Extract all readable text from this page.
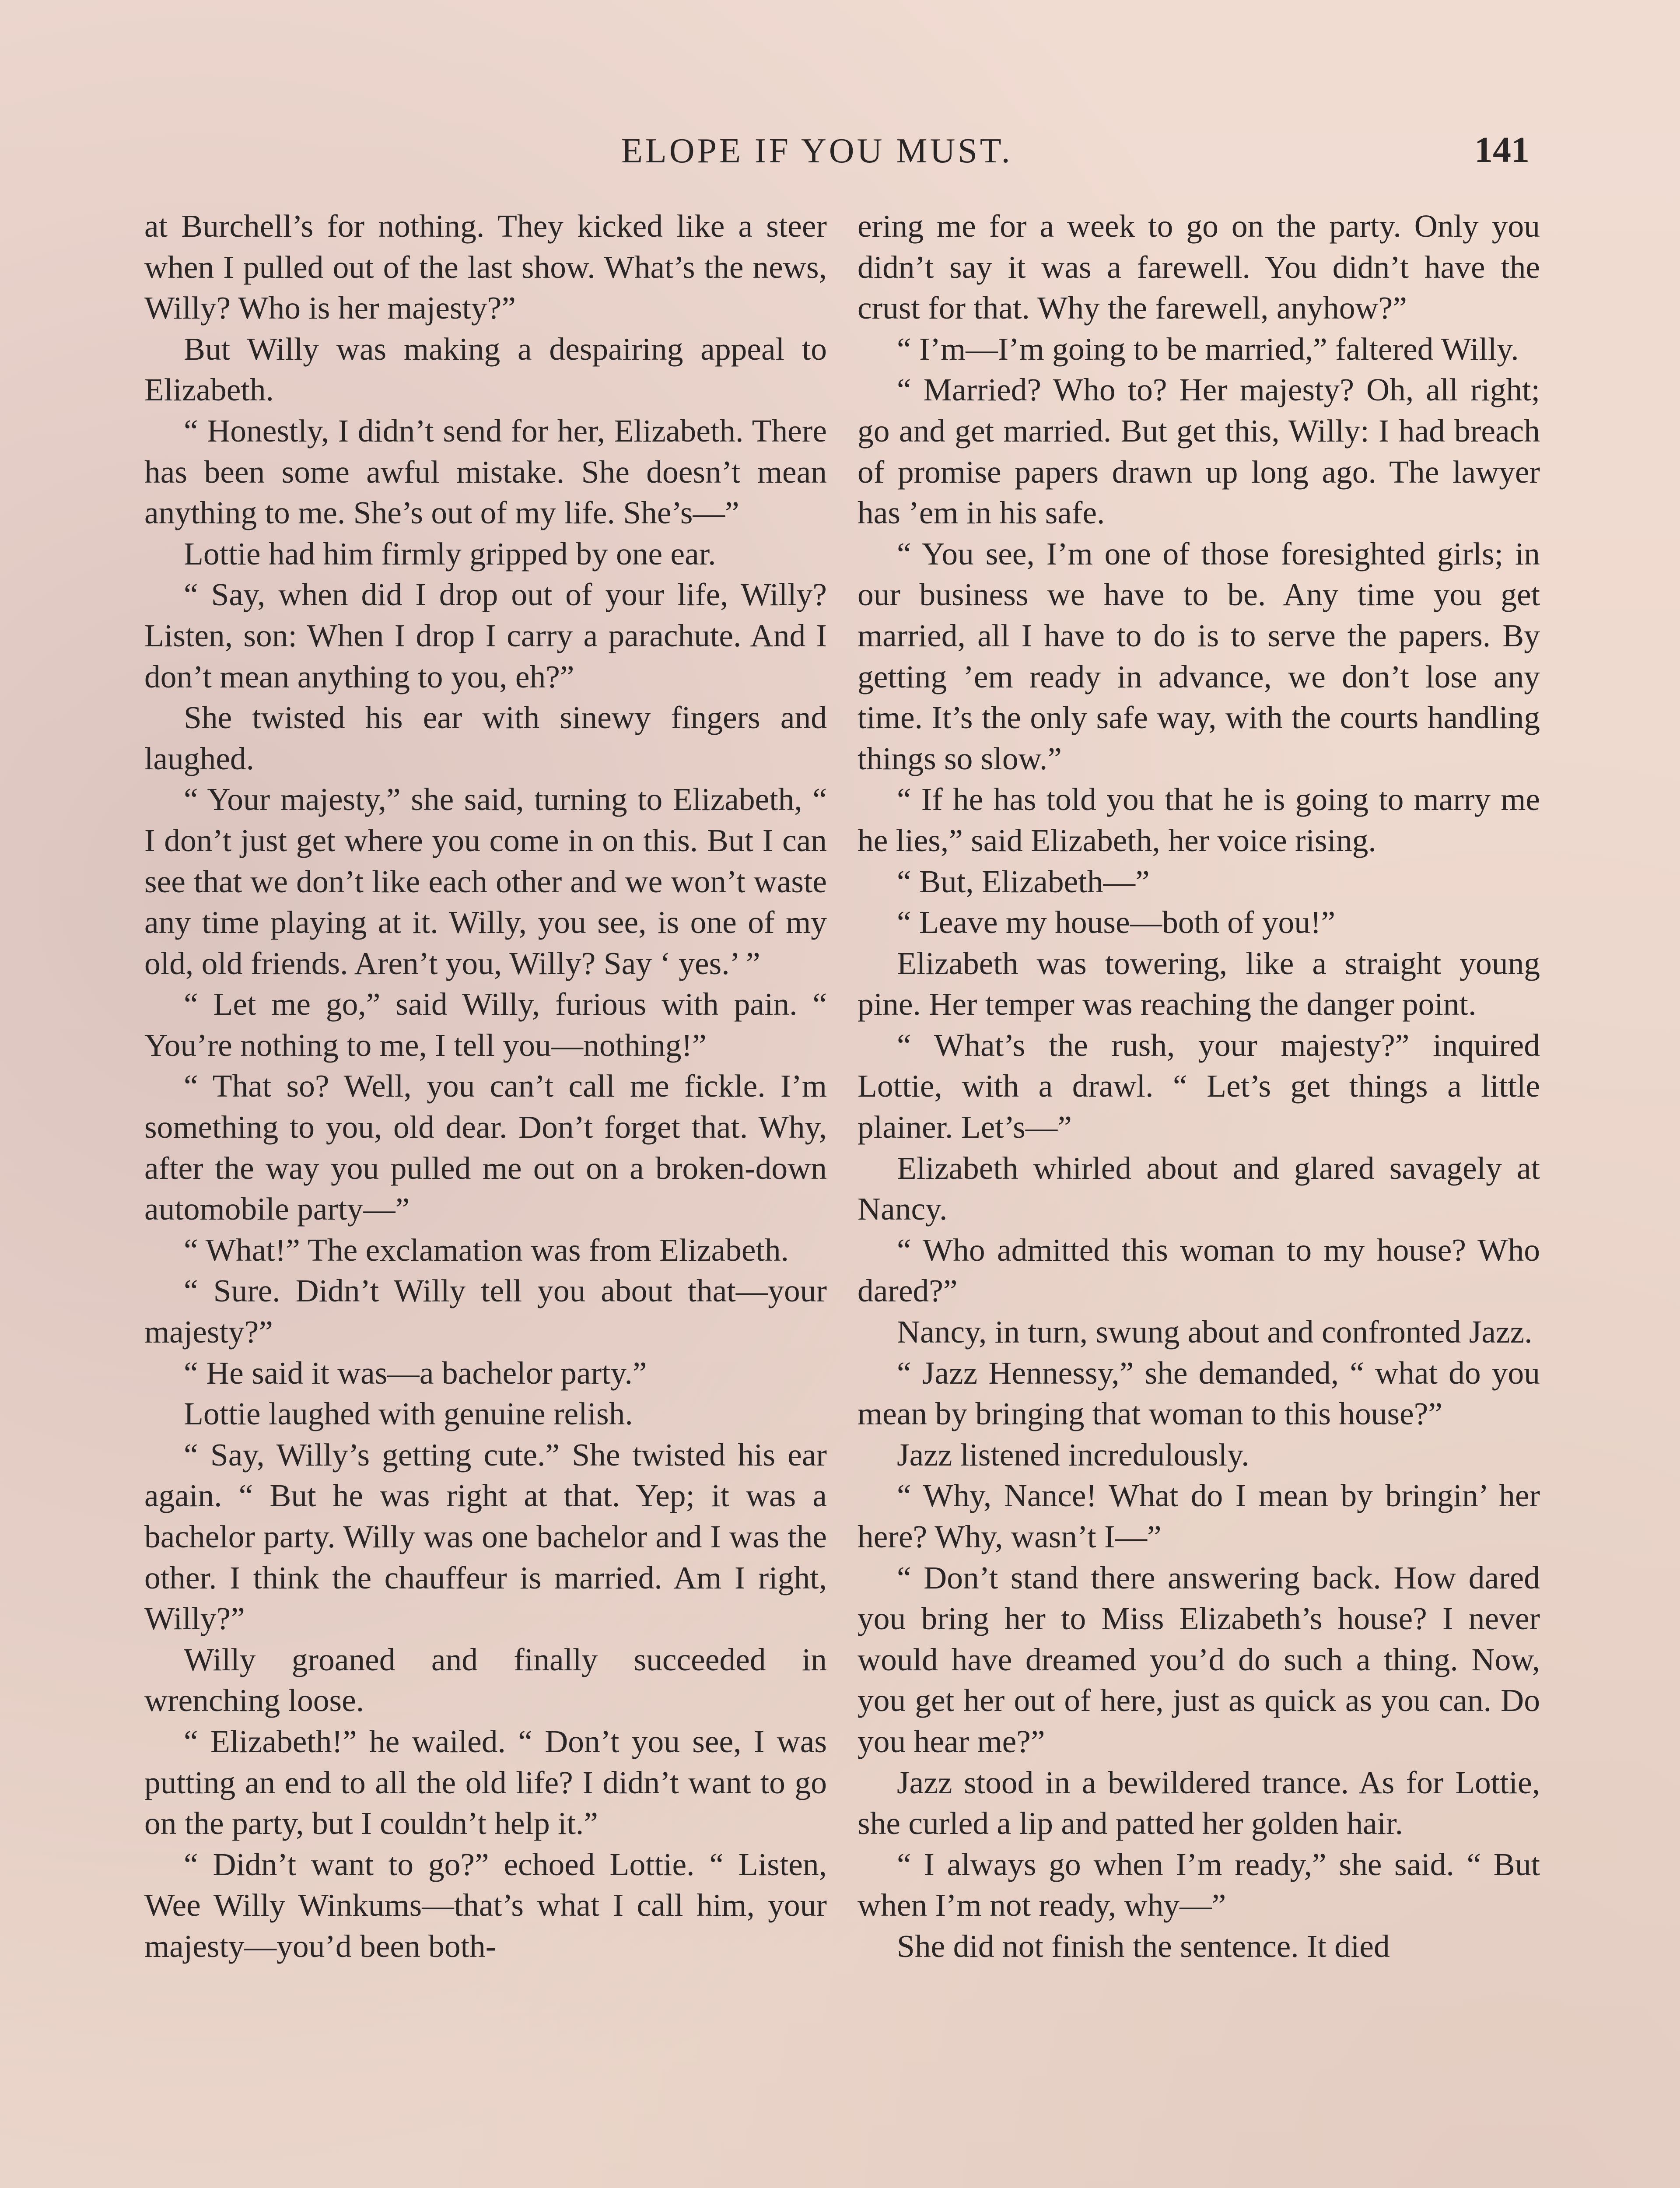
ELOPE IF YOU MUST.	141

at Burchell’s for nothing. They kicked like a steer when I pulled out of the last show. What’s the news, Willy? Who is her majesty?”

But Willy was making a despairing appeal to Elizabeth.

“ Honestly, I didn’t send for her, Elizabeth. There has been some awful mistake. She doesn’t mean anything to me. She’s out of my life. She’s—”

Lottie had him firmly gripped by one ear.

“ Say, when did I drop out of your life, Willy? Listen, son: When I drop I carry a parachute. And I don’t mean anything to you, eh?”

She twisted his ear with sinewy fingers and laughed.

“ Your majesty,” she said, turning to Elizabeth, “ I don’t just get where you come in on this. But I can see that we don’t like each other and we won’t waste any time playing at it. Willy, you see, is one of my old, old friends. Aren’t you, Willy? Say ‘ yes.’ ”

“ Let me go,” said Willy, furious with pain. “ You’re nothing to me, I tell you—nothing!”

“ That so? Well, you can’t call me fickle. I’m something to you, old dear. Don’t forget that. Why, after the way you pulled me out on a broken-down automobile party—”

“ What!” The exclamation was from Elizabeth.

“ Sure. Didn’t Willy tell you about that—your majesty?”

“ He said it was—a bachelor party.”

Lottie laughed with genuine relish.

“ Say, Willy’s getting cute.” She twisted his ear again. “ But he was right at that. Yep; it was a bachelor party. Willy was one bachelor and I was the other. I think the chauffeur is married. Am I right, Willy?”

Willy groaned and finally succeeded in wrenching loose.

“ Elizabeth!” he wailed. “ Don’t you see, I was putting an end to all the old life? I didn’t want to go on the party, but I couldn’t help it.”

“ Didn’t want to go?” echoed Lottie. “ Listen, Wee Willy Winkums—that’s what I call him, your majesty—you’d been both-

ering me for a week to go on the party. Only you didn’t say it was a farewell. You didn’t have the crust for that. Why the farewell, anyhow?”

“ I’m—I’m going to be married,” faltered Willy.

“ Married? Who to? Her majesty? Oh, all right; go and get married. But get this, Willy: I had breach of promise papers drawn up long ago. The lawyer has ’em in his safe.

“ You see, I’m one of those foresighted girls; in our business we have to be. Any time you get married, all I have to do is to serve the papers. By getting ’em ready in advance, we don’t lose any time. It’s the only safe way, with the courts handling things so slow.”

“ If he has told you that he is going to marry me he lies,” said Elizabeth, her voice rising.

“ But, Elizabeth—”

“ Leave my house—both of you!”

Elizabeth was towering, like a straight young pine. Her temper was reaching the danger point.

“ What’s the rush, your majesty?” inquired Lottie, with a drawl. “ Let’s get things a little plainer. Let’s—”

Elizabeth whirled about and glared savagely at Nancy.

“ Who admitted this woman to my house? Who dared?”

Nancy, in turn, swung about and confronted Jazz.

“ Jazz Hennessy,” she demanded, “ what do you mean by bringing that woman to this house?”

Jazz listened incredulously.

“ Why, Nance! What do I mean by bringin’ her here? Why, wasn’t I—”

“ Don’t stand there answering back. How dared you bring her to Miss Elizabeth’s house? I never would have dreamed you’d do such a thing. Now, you get her out of here, just as quick as you can. Do you hear me?”

Jazz stood in a bewildered trance. As for Lottie, she curled a lip and patted her golden hair.

“ I always go when I’m ready,” she said. “ But when I’m not ready, why—”

She did not finish the sentence. It died
